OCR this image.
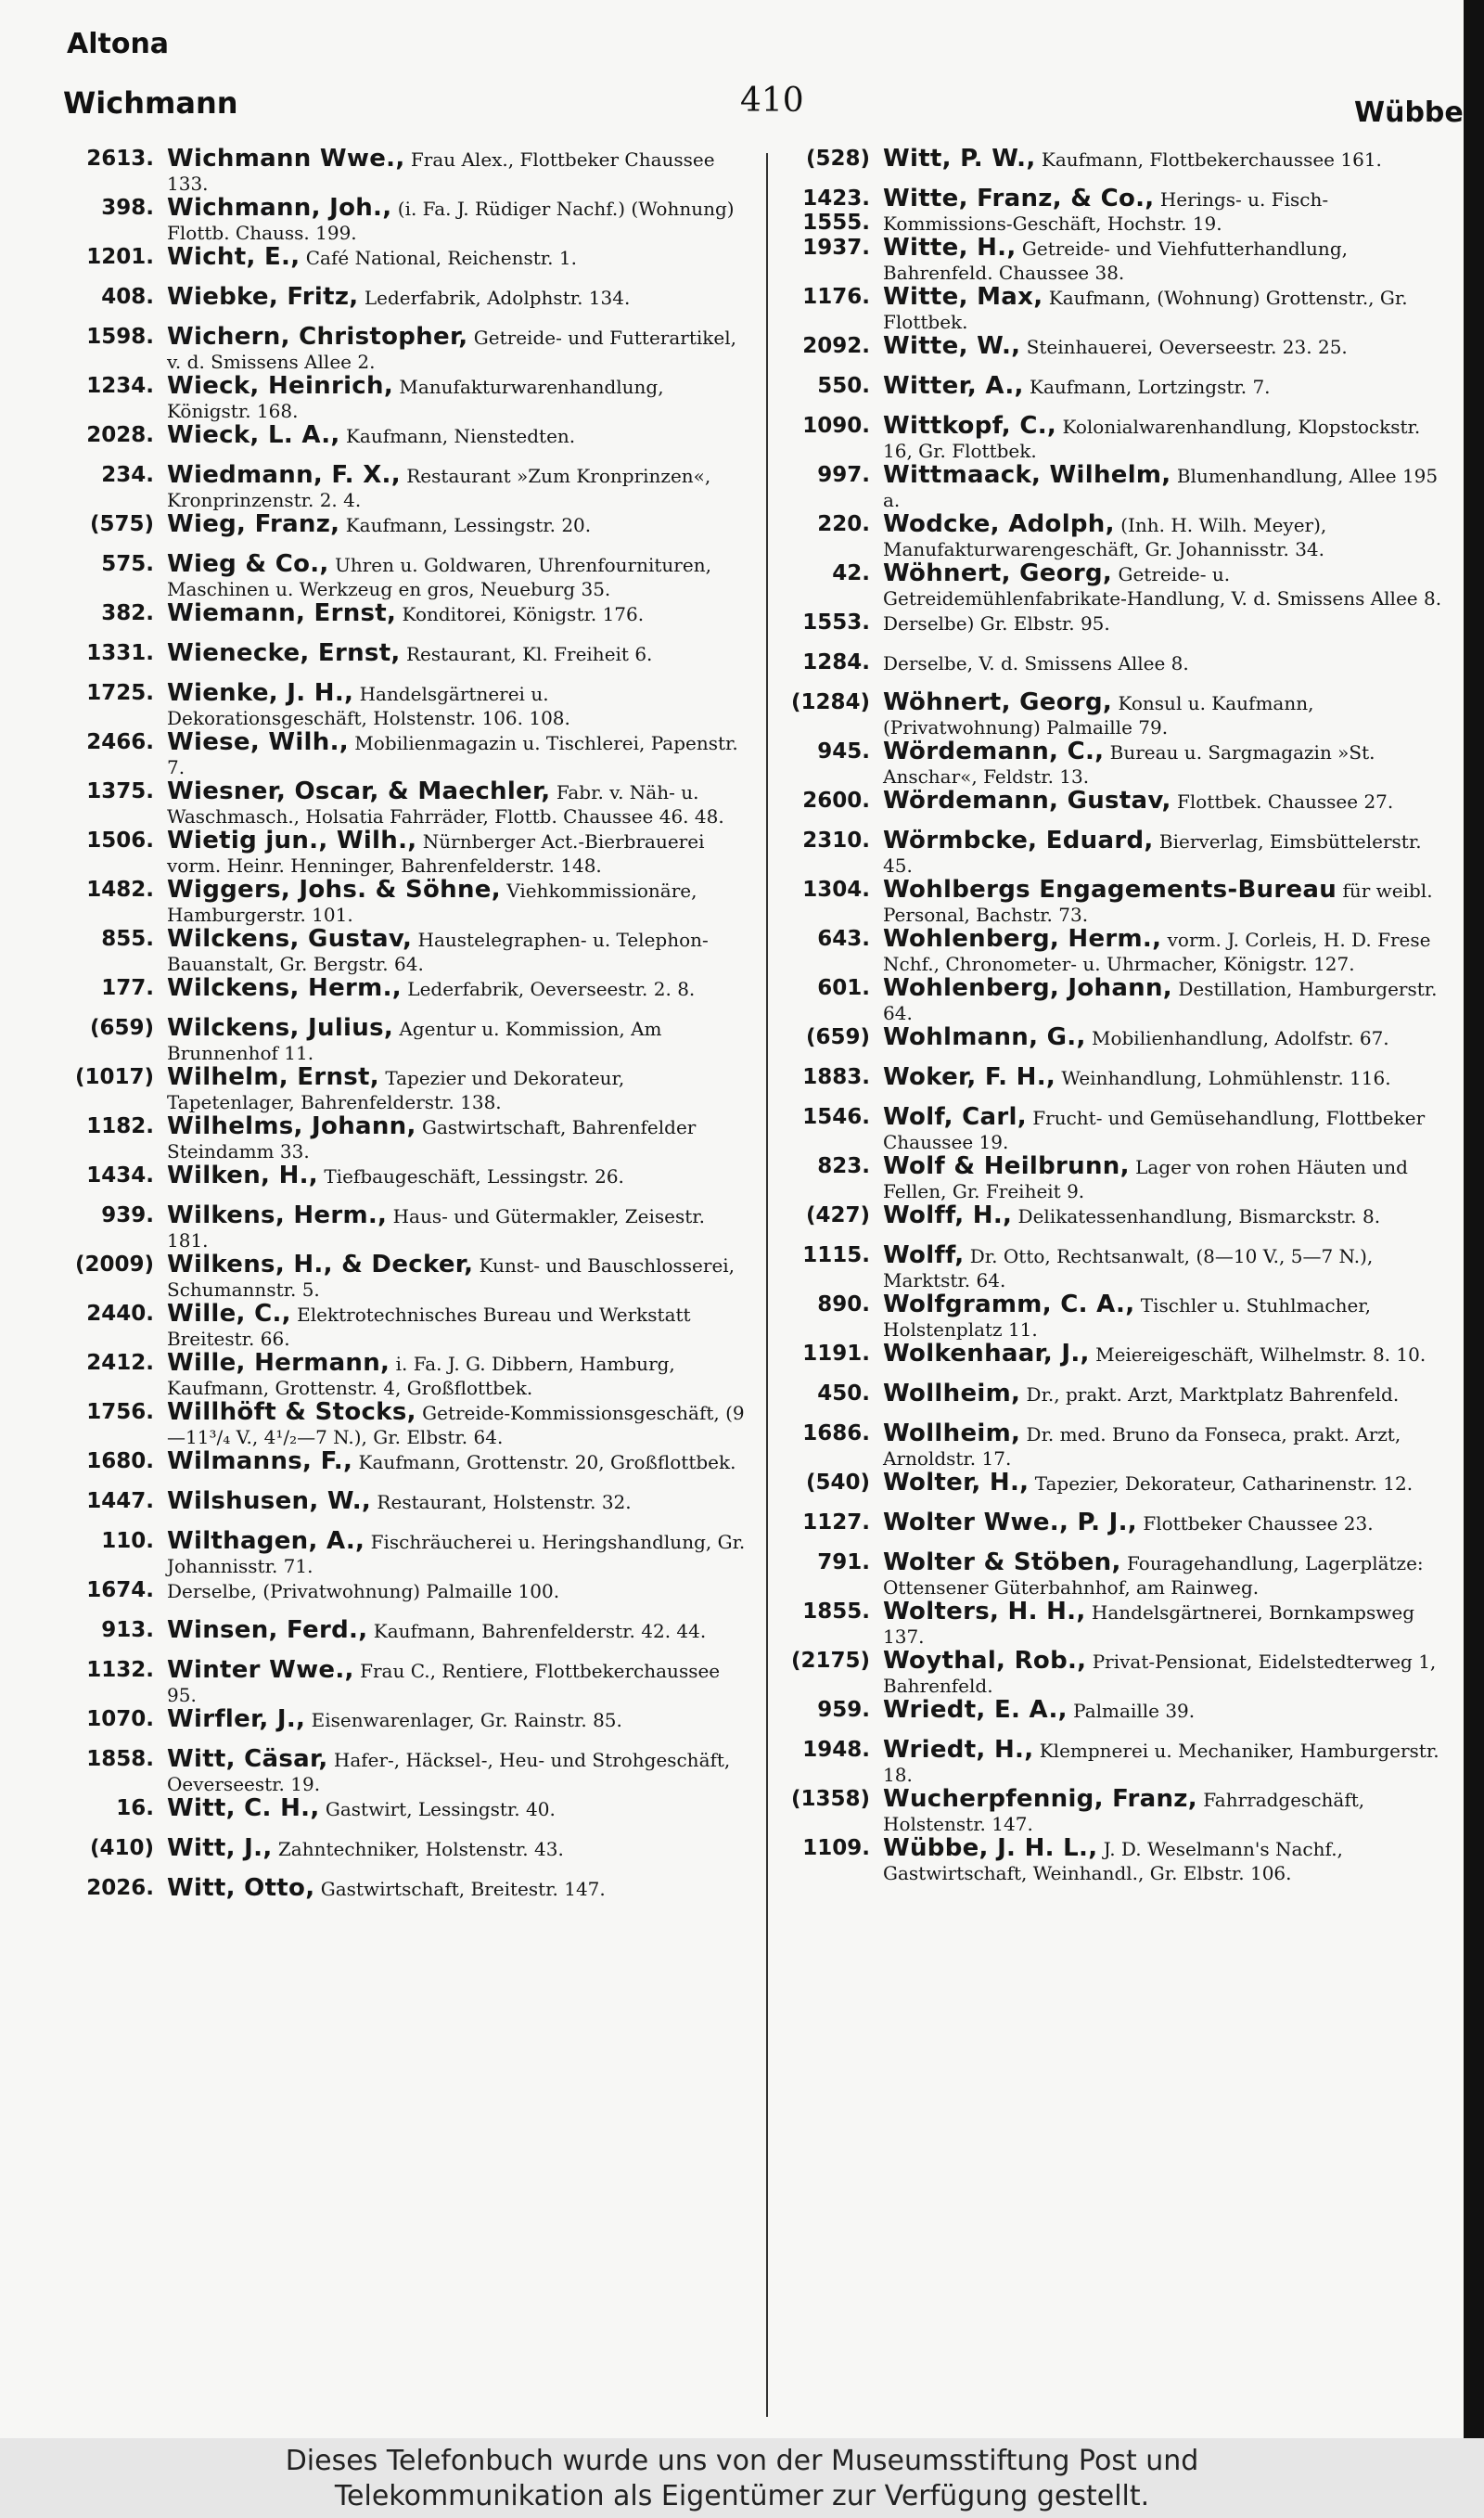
Altona
Wichmann	410	Wübbe
2613. Wichmann Wwe., Frau Alex., Flottbeker Chaussee 133.
398. Wichmann, Joh., (i. Fa. J. Rüdiger Nachf.) (Wohnung) Flottb. Chauss. 199.
1201. Wicht, E., Café National, Reichenstr. 1.
408. Wiebke, Fritz, Lederfabrik, Adolphstr. 134.
1598. Wichern, Christopher, Getreide- und Futterartikel, v. d. Smissens Allee 2.
1234. Wieck, Heinrich, Manufakturwarenhandlung, Königstr. 168.
2028. Wieck, L. A., Kaufmann, Nienstedten.
234. Wiedmann, F. X., Restaurant »Zum Kronprinzen«, Kronprinzenstr. 2. 4.
(575) Wieg, Franz, Kaufmann, Lessingstr. 20.
575. Wieg & Co., Uhren u. Goldwaren, Uhrenfournituren, Maschinen u. Werkzeug en gros, Neueburg 35.
382. Wiemann, Ernst, Konditorei, Königstr. 176.
1331. Wienecke, Ernst, Restaurant, Kl. Freiheit 6.
1725. Wienke, J. H., Handelsgärtnerei u. Dekorationsgeschäft, Holstenstr. 106. 108.
2466. Wiese, Wilh., Mobilienmagazin u. Tischlerei, Papenstr. 7.
1375. Wiesner, Oscar, & Maechler, Fabr. v. Näh- u. Waschmasch., Holsatia Fahrräder, Flottb. Chaussee 46. 48.
1506. Wietig jun., Wilh., Nürnberger Act.-Bierbrauerei vorm. Heinr. Henninger, Bahrenfelderstr. 148.
1482. Wiggers, Johs. & Söhne, Viehkommissionäre, Hamburgerstr. 101.
855. Wilckens, Gustav, Haustelegraphen- u. Telephon-Bauanstalt, Gr. Bergstr. 64.
177. Wilckens, Herm., Lederfabrik, Oeverseestr. 2. 8.
(659) Wilckens, Julius, Agentur u. Kommission, Am Brunnenhof 11.
(1017) Wilhelm, Ernst, Tapezier und Dekorateur, Tapetenlager, Bahrenfelderstr. 138.
1182. Wilhelms, Johann, Gastwirtschaft, Bahrenfelder Steindamm 33.
1434. Wilken, H., Tiefbaugeschäft, Lessingstr. 26.
939. Wilkens, Herm., Haus- und Gütermakler, Zeisestr. 181.
(2009) Wilkens, H., & Decker, Kunst- und Bauschlosserei, Schumannstr. 5.
2440. Wille, C., Elektrotechnisches Bureau und Werkstatt Breitestr. 66.
2412. Wille, Hermann, i. Fa. J. G. Dibbern, Hamburg, Kaufmann, Grottenstr. 4, Großflottbek.
1756. Willhöft & Stocks, Getreide-Kommissionsgeschäft, (9—11³/₄ V., 4¹/₂—7 N.), Gr. Elbstr. 64.
1680. Wilmanns, F., Kaufmann, Grottenstr. 20, Großflottbek.
1447. Wilshusen, W., Restaurant, Holstenstr. 32.
110. Wilthagen, A., Fischräucherei u. Heringshandlung, Gr. Johannisstr. 71.
1674. Derselbe, (Privatwohnung) Palmaille 100.
913. Winsen, Ferd., Kaufmann, Bahrenfelderstr. 42. 44.
1132. Winter Wwe., Frau C., Rentiere, Flottbekerchaussee 95.
1070. Wirfler, J., Eisenwarenlager, Gr. Rainstr. 85.
1858. Witt, Cäsar, Hafer-, Häcksel-, Heu- und Strohgeschäft, Oeverseestr. 19.
16. Witt, C. H., Gastwirt, Lessingstr. 40.
(410) Witt, J., Zahntechniker, Holstenstr. 43.
2026. Witt, Otto, Gastwirtschaft, Breitestr. 147.
(528) Witt, P. W., Kaufmann, Flottbekerchaussee 161.
1423.
1555.
Witte, Franz, & Co., Herings- u. Fisch-Kommissions-Geschäft, Hochstr. 19.
1937. Witte, H., Getreide- und Viehfutterhandlung, Bahrenfeld. Chaussee 38.
1176. Witte, Max, Kaufmann, (Wohnung) Grottenstr., Gr. Flottbek.
2092. Witte, W., Steinhauerei, Oeverseestr. 23. 25.
550. Witter, A., Kaufmann, Lortzingstr. 7.
1090. Wittkopf, C., Kolonialwarenhandlung, Klopstockstr. 16, Gr. Flottbek.
997. Wittmaack, Wilhelm, Blumenhandlung, Allee 195 a.
220. Wodcke, Adolph, (Inh. H. Wilh. Meyer), Manufakturwarengeschäft, Gr. Johannisstr. 34.
42. Wöhnert, Georg, Getreide- u. Getreidemühlenfabrikate-Handlung, V. d. Smissens Allee 8.
1553. Derselbe) Gr. Elbstr. 95.
1284. Derselbe, V. d. Smissens Allee 8.
(1284) Wöhnert, Georg, Konsul u. Kaufmann, (Privatwohnung) Palmaille 79.
945. Wördemann, C., Bureau u. Sargmagazin »St. Anschar«, Feldstr. 13.
2600. Wördemann, Gustav, Flottbek. Chaussee 27.
2310. Wörmbcke, Eduard, Bierverlag, Eimsbüttelerstr. 45.
1304. Wohlbergs Engagements-Bureau für weibl. Personal, Bachstr. 73.
643. Wohlenberg, Herm., vorm. J. Corleis, H. D. Frese Nchf., Chronometer- u. Uhrmacher, Königstr. 127.
601. Wohlenberg, Johann, Destillation, Hamburgerstr. 64.
(659) Wohlmann, G., Mobilienhandlung, Adolfstr. 67.
1883. Woker, F. H., Weinhandlung, Lohmühlenstr. 116.
1546. Wolf, Carl, Frucht- und Gemüsehandlung, Flottbeker Chaussee 19.
823. Wolf & Heilbrunn, Lager von rohen Häuten und Fellen, Gr. Freiheit 9.
(427) Wolff, H., Delikatessenhandlung, Bismarckstr. 8.
1115. Wolff, Dr. Otto, Rechtsanwalt, (8—10 V., 5—7 N.), Marktstr. 64.
890. Wolfgramm, C. A., Tischler u. Stuhlmacher, Holstenplatz 11.
1191. Wolkenhaar, J., Meiereigeschäft, Wilhelmstr. 8. 10.
450. Wollheim, Dr., prakt. Arzt, Marktplatz Bahrenfeld.
1686. Wollheim, Dr. med. Bruno da Fonseca, prakt. Arzt, Arnoldstr. 17.
(540) Wolter, H., Tapezier, Dekorateur, Catharinenstr. 12.
1127. Wolter Wwe., P. J., Flottbeker Chaussee 23.
791. Wolter & Stöben, Fouragehandlung, Lagerplätze: Ottensener Güterbahnhof, am Rainweg.
1855. Wolters, H. H., Handelsgärtnerei, Bornkampsweg 137.
(2175) Woythal, Rob., Privat-Pensionat, Eidelstedterweg 1, Bahrenfeld.
959. Wriedt, E. A., Palmaille 39.
1948. Wriedt, H., Klempnerei u. Mechaniker, Hamburgerstr. 18.
(1358) Wucherpfennig, Franz, Fahrradgeschäft, Holstenstr. 147.
1109. Wübbe, J. H. L., J. D. Weselmann's Nachf., Gastwirtschaft, Weinhandl., Gr. Elbstr. 106.
Dieses Telefonbuch wurde uns von der Museumsstiftung Post und
Telekommunikation als Eigentümer zur Verfügung gestellt.
